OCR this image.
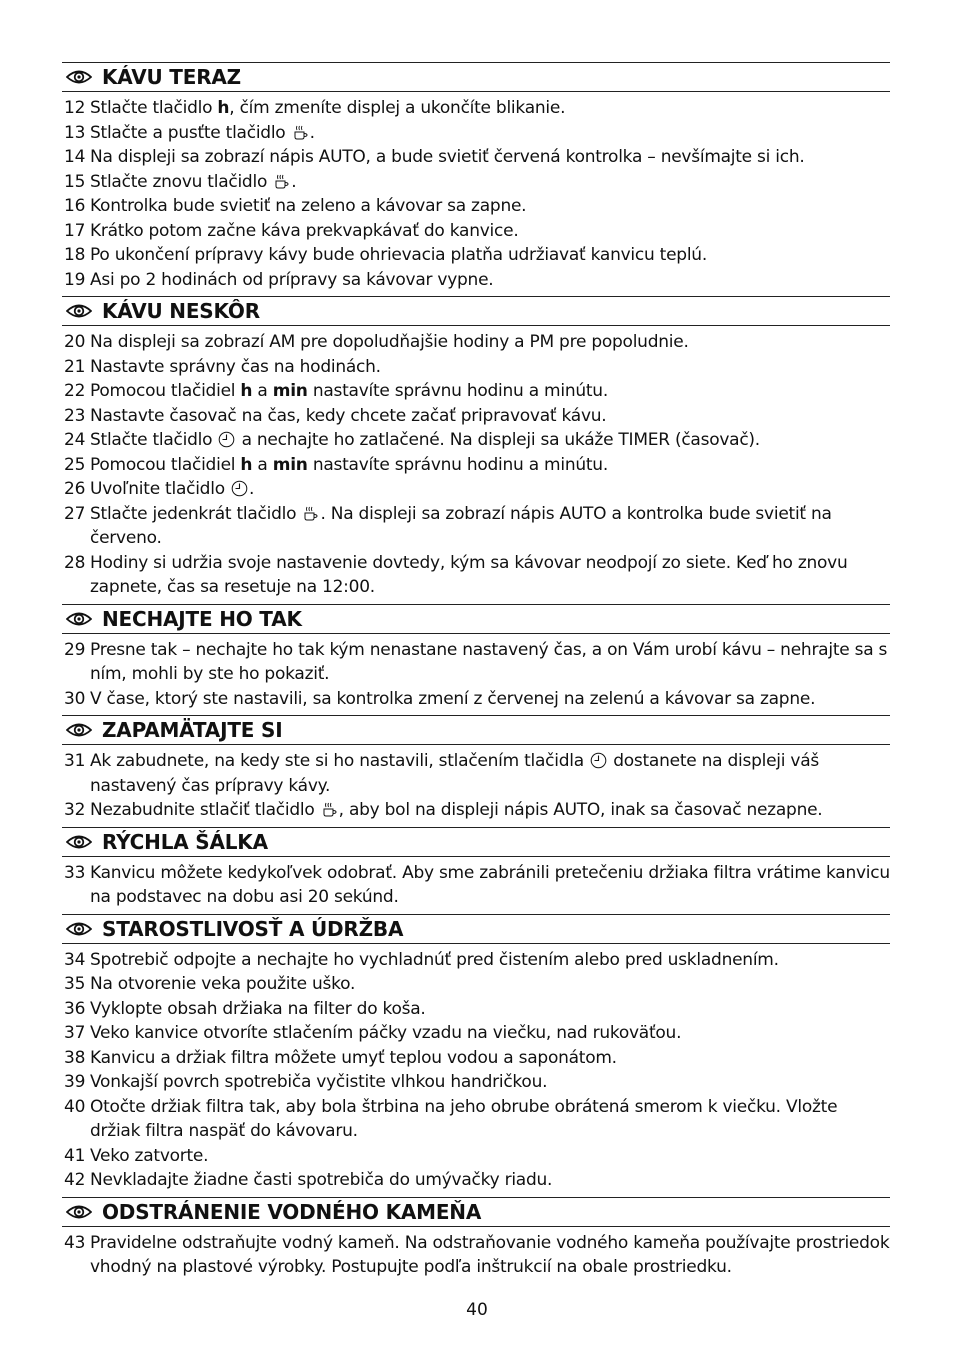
KÁVU TERAZ
12 Stlačte tlačidlo h, čím zmeníte displej a ukončíte blikanie.
13 Stlačte a pusťte tlačidlo .
14 Na displeji sa zobrazí nápis AUTO, a bude svietiť červená kontrolka – nevšímajte si ich.
15 Stlačte znovu tlačidlo .
16 Kontrolka bude svietiť na zeleno a kávovar sa zapne.
17 Krátko potom začne káva prekvapkávať do kanvice.
18 Po ukončení prípravy kávy bude ohrievacia platňa udržiavať kanvicu teplú.
19 Asi po 2 hodinách od prípravy sa kávovar vypne.
KÁVU NESKÔR
20 Na displeji sa zobrazí AM pre dopoludňajšie hodiny a PM pre popoludnie.
21 Nastavte správny čas na hodinách.
22 Pomocou tlačidiel h a min nastavíte správnu hodinu a minútu.
23 Nastavte časovač na čas, kedy chcete začať pripravovať kávu.
24 Stlačte tlačidlo  a nechajte ho zatlačené. Na displeji sa ukáže TIMER (časovač).
25 Pomocou tlačidiel h a min nastavíte správnu hodinu a minútu.
26 Uvoľnite tlačidlo .
27 Stlačte jedenkrát tlačidlo . Na displeji sa zobrazí nápis AUTO a kontrolka bude svietiť na červeno.
28 Hodiny si udržia svoje nastavenie dovtedy, kým sa kávovar neodpojí zo siete. Keď ho znovu zapnete, čas sa resetuje na 12:00.
NECHAJTE HO TAK
29 Presne tak – nechajte ho tak kým nenastane nastavený čas, a on Vám urobí kávu – nehrajte sa s ním, mohli by ste ho pokaziť.
30 V čase, ktorý ste nastavili, sa kontrolka zmení z červenej na zelenú a kávovar sa zapne.
ZAPAMÄTAJTE SI
31 Ak zabudnete, na kedy ste si ho nastavili, stlačením tlačidla  dostanete na displeji váš nastavený čas prípravy kávy.
32 Nezabudnite stlačiť tlačidlo , aby bol na displeji nápis AUTO, inak sa časovač nezapne.
RÝCHLA ŠÁLKA
33 Kanvicu môžete kedykoľvek odobrať. Aby sme zabránili pretečeniu držiaka filtra vrátime kanvicu na podstavec na dobu asi 20 sekúnd.
STAROSTLIVOSŤ A ÚDRŽBA
34 Spotrebič odpojte a nechajte ho vychladnúť pred čistením alebo pred uskladnením.
35 Na otvorenie veka použite uško.
36 Vyklopte obsah držiaka na filter do koša.
37 Veko kanvice otvoríte stlačením páčky vzadu na viečku, nad rukoväťou.
38 Kanvicu a držiak filtra môžete umyť teplou vodou a saponátom.
39 Vonkajší povrch spotrebiča vyčistite vlhkou handričkou.
40 Otočte držiak filtra tak, aby bola štrbina na jeho obrube obrátená smerom k viečku. Vložte držiak filtra naspäť do kávovaru.
41 Veko zatvorte.
42 Nevkladajte žiadne časti spotrebiča do umývačky riadu.
ODSTRÁNENIE VODNÉHO KAMEŇA
43 Pravidelne odstraňujte vodný kameň. Na odstraňovanie vodného kameňa používajte prostriedok vhodný na plastové výrobky. Postupujte podľa inštrukcií na obale prostriedku.
40
